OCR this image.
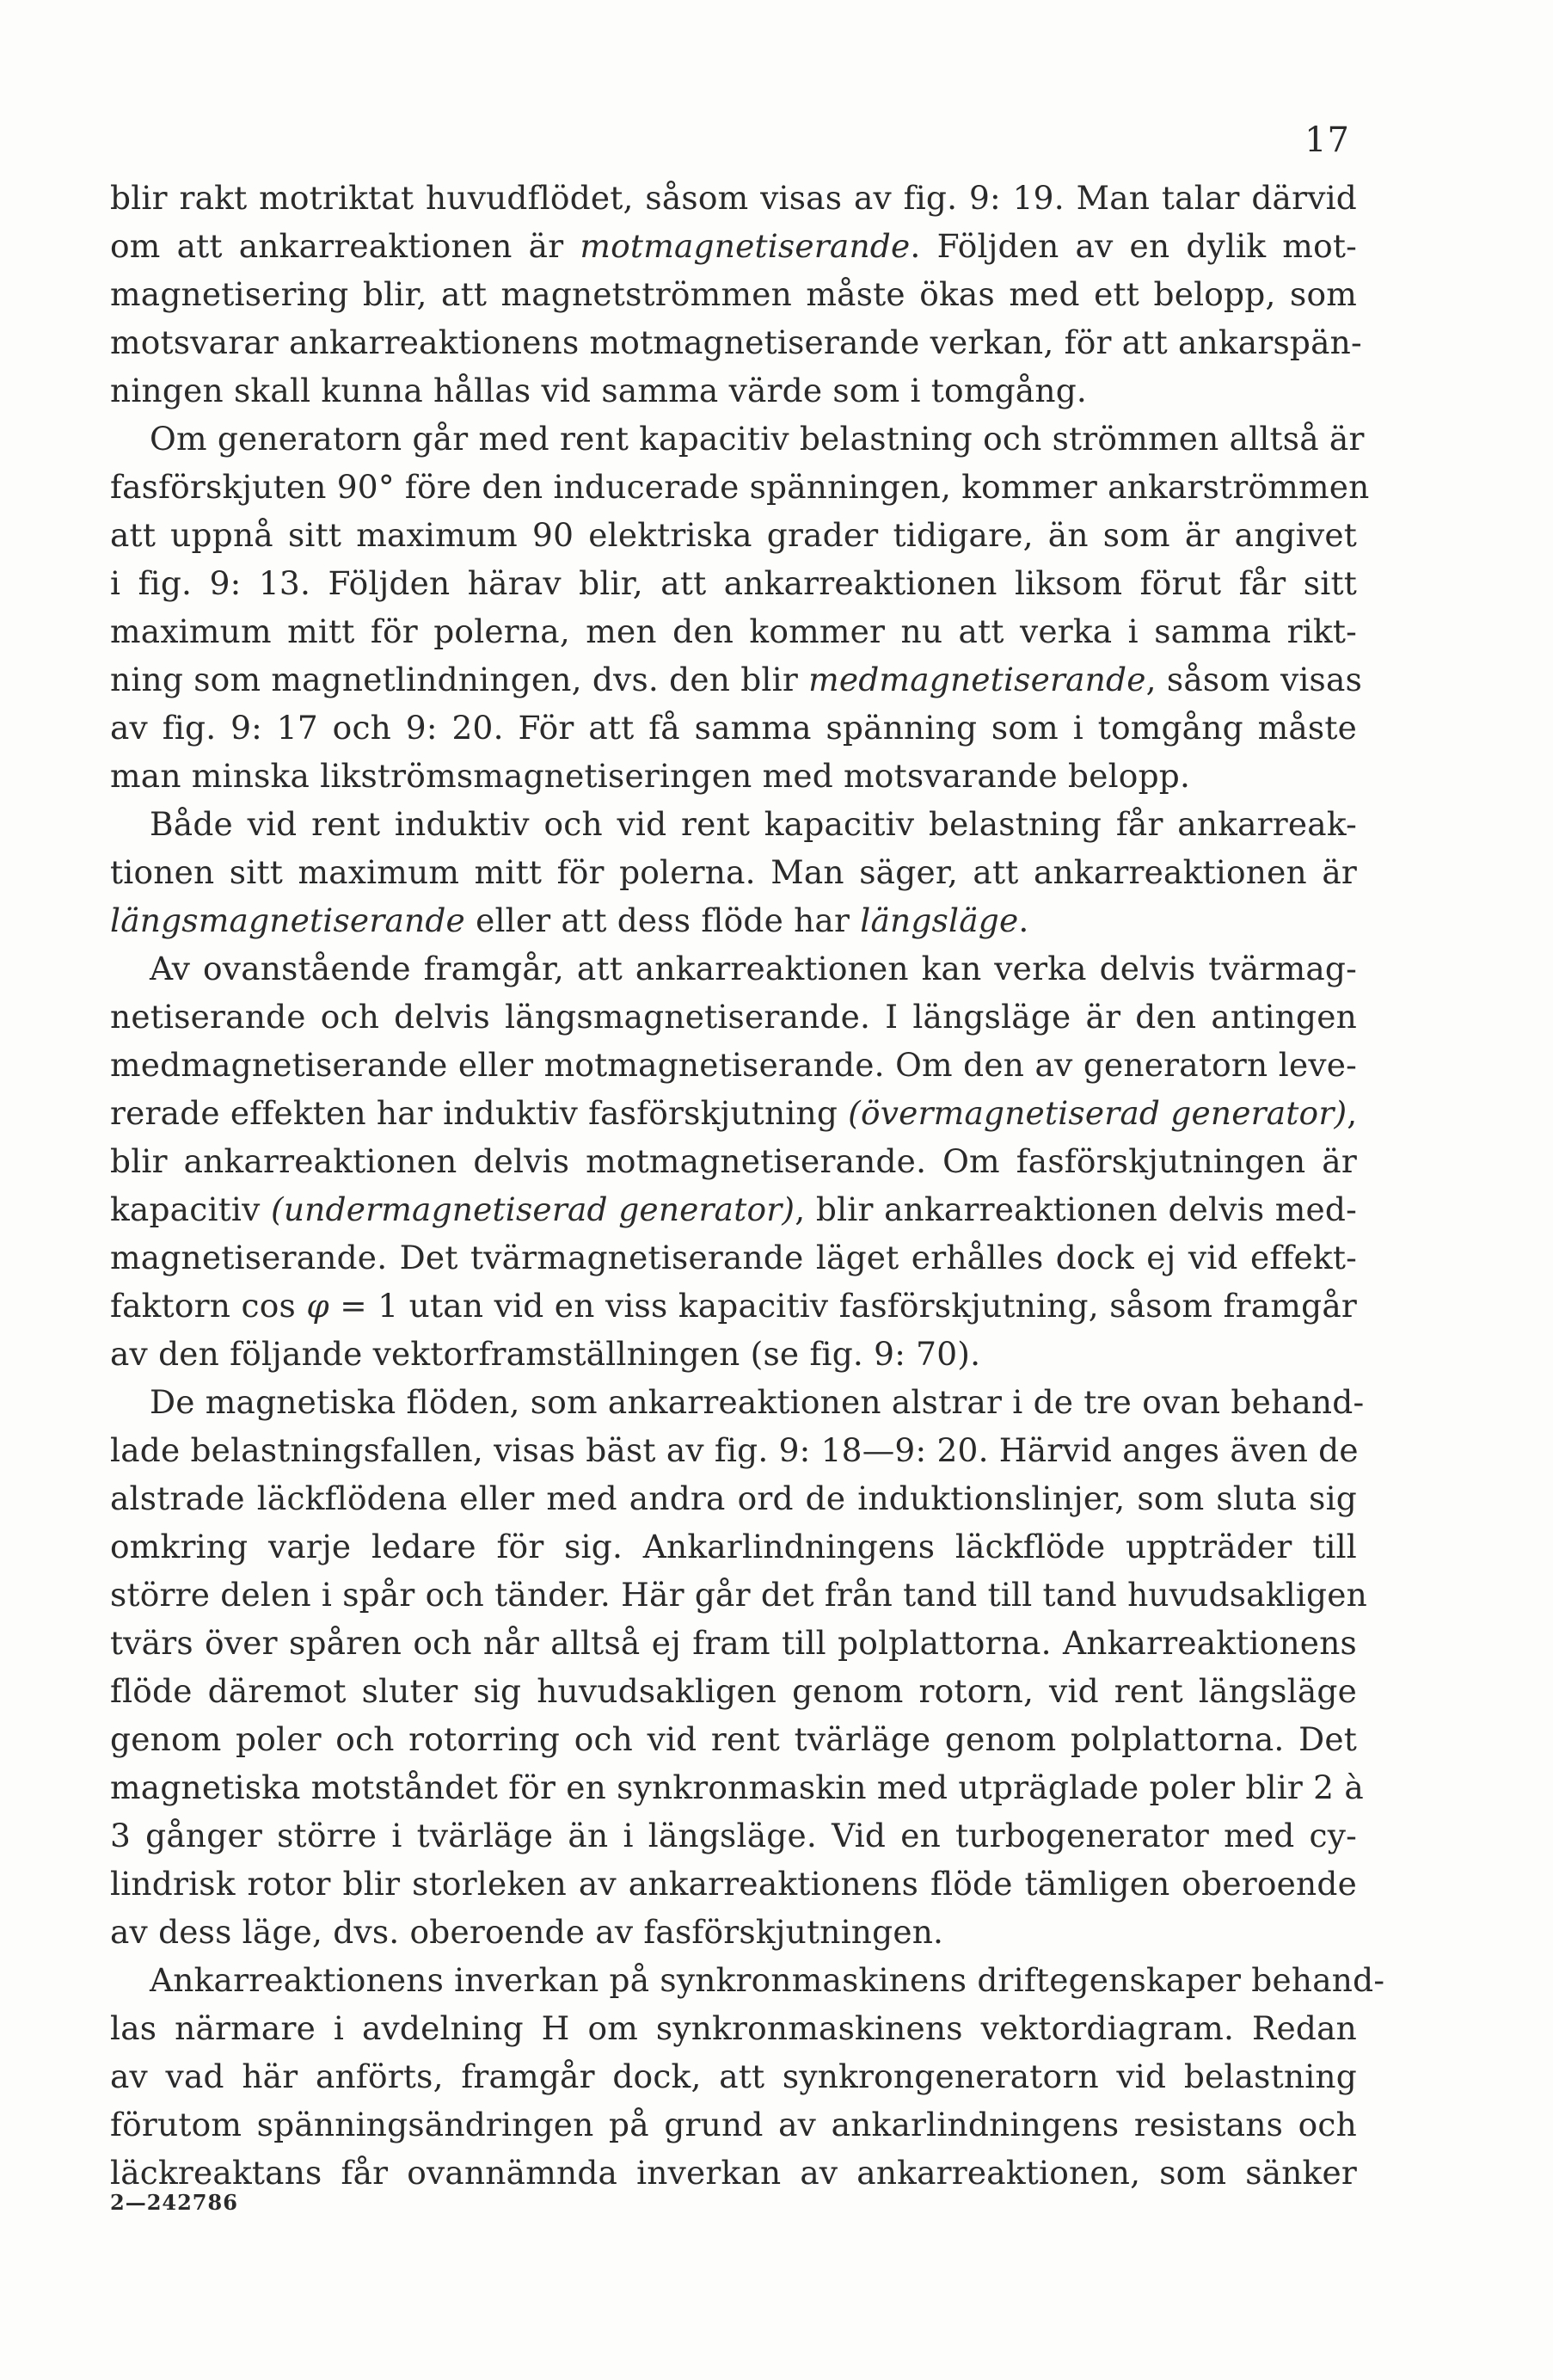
17
blir rakt motriktat huvudflödet, såsom visas av fig. 9: 19. Man talar därvid
om att ankarreaktionen är motmagnetiserande. Följden av en dylik mot-
magnetisering blir, att magnetströmmen måste ökas med ett belopp, som
motsvarar ankarreaktionens motmagnetiserande verkan, för att ankarspän-
ningen skall kunna hållas vid samma värde som i tomgång.
Om generatorn går med rent kapacitiv belastning och strömmen alltså är
fasförskjuten 90° före den inducerade spänningen, kommer ankarströmmen
att uppnå sitt maximum 90 elektriska grader tidigare, än som är angivet
i fig. 9: 13. Följden härav blir, att ankarreaktionen liksom förut får sitt
maximum mitt för polerna, men den kommer nu att verka i samma rikt-
ning som magnetlindningen, dvs. den blir medmagnetiserande, såsom visas
av fig. 9: 17 och 9: 20. För att få samma spänning som i tomgång måste
man minska likströmsmagnetiseringen med motsvarande belopp.
Både vid rent induktiv och vid rent kapacitiv belastning får ankarreak-
tionen sitt maximum mitt för polerna. Man säger, att ankarreaktionen är
längsmagnetiserande eller att dess flöde har längsläge.
Av ovanstående framgår, att ankarreaktionen kan verka delvis tvärmag-
netiserande och delvis längsmagnetiserande. I längsläge är den antingen
medmagnetiserande eller motmagnetiserande. Om den av generatorn leve-
rerade effekten har induktiv fasförskjutning (övermagnetiserad generator),
blir ankarreaktionen delvis motmagnetiserande. Om fasförskjutningen är
kapacitiv (undermagnetiserad generator), blir ankarreaktionen delvis med-
magnetiserande. Det tvärmagnetiserande läget erhålles dock ej vid effekt-
faktorn cos φ = 1 utan vid en viss kapacitiv fasförskjutning, såsom framgår
av den följande vektorframställningen (se fig. 9: 70).
De magnetiska flöden, som ankarreaktionen alstrar i de tre ovan behand-
lade belastningsfallen, visas bäst av fig. 9: 18—9: 20. Härvid anges även de
alstrade läckflödena eller med andra ord de induktionslinjer, som sluta sig
omkring varje ledare för sig. Ankarlindningens läckflöde uppträder till
större delen i spår och tänder. Här går det från tand till tand huvudsakligen
tvärs över spåren och når alltså ej fram till polplattorna. Ankarreaktionens
flöde däremot sluter sig huvudsakligen genom rotorn, vid rent längsläge
genom poler och rotorring och vid rent tvärläge genom polplattorna. Det
magnetiska motståndet för en synkronmaskin med utpräglade poler blir 2 à
3 gånger större i tvärläge än i längsläge. Vid en turbogenerator med cy-
lindrisk rotor blir storleken av ankarreaktionens flöde tämligen oberoende
av dess läge, dvs. oberoende av fasförskjutningen.
Ankarreaktionens inverkan på synkronmaskinens driftegenskaper behand-
las närmare i avdelning H om synkronmaskinens vektordiagram. Redan
av vad här anförts, framgår dock, att synkrongeneratorn vid belastning
förutom spänningsändringen på grund av ankarlindningens resistans och
läckreaktans får ovannämnda inverkan av ankarreaktionen, som sänker
2—242786
